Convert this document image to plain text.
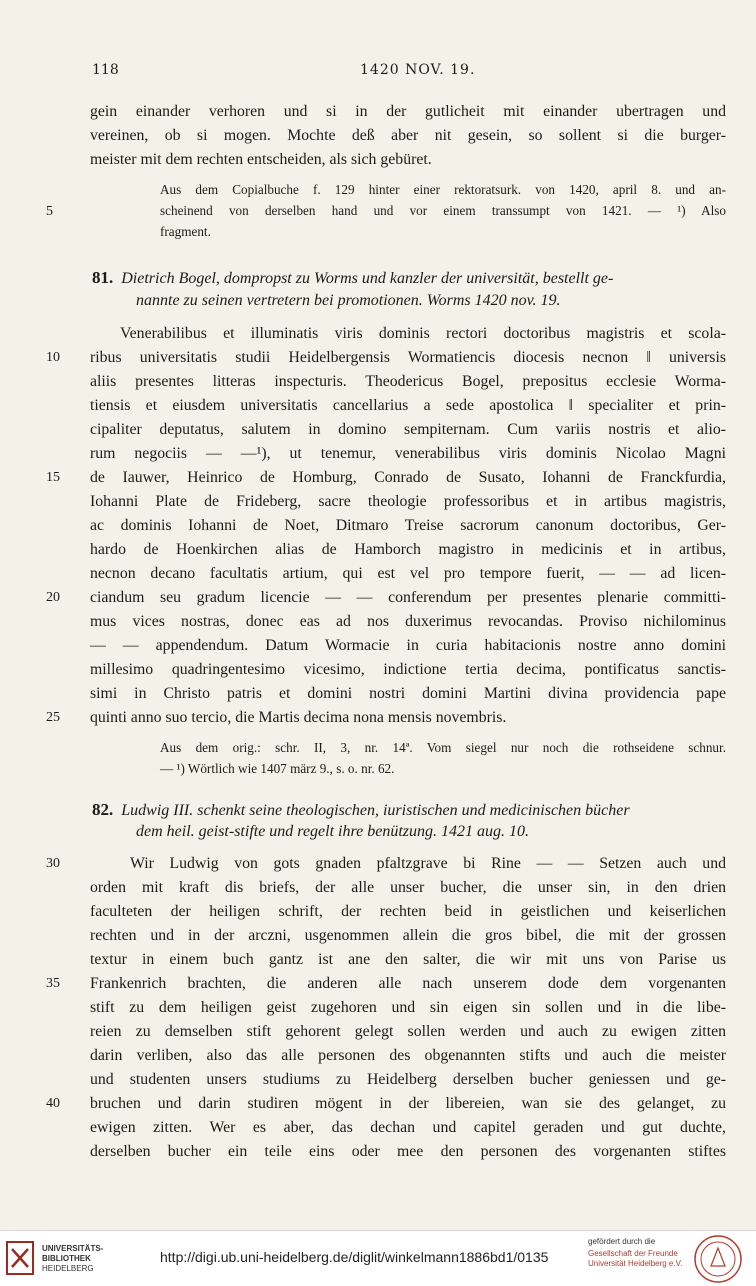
118	1420 NOV. 19.
gein einander verhoren und si in der gutlicheit mit einander ubertragen und
vereinen, ob si mogen. Mochte deß aber nit gesein, so sollent si die burger-
meister mit dem rechten entscheiden, als sich gebüret.
Aus dem Copialbuche f. 129 hinter einer rektoratsurk. von 1420, april 8. und an-
scheinend von derselben hand und vor einem transsumpt von 1421. — ¹) Also
fragment.
81. Dietrich Bogel, dompropst zu Worms und kanzler der universität, bestellt ge-
nannte zu seinen vertretern bei promotionen. Worms 1420 nov. 19.
Venerabilibus et illuminatis viris dominis rectori doctoribus magistris et scola-
ribus universitatis studii Heidelbergensis Wormatiencis diocesis necnon ‖ universis
aliis presentes litteras inspecturis. Theodericus Bogel, prepositus ecclesie Worma-
tiensis et eiusdem universitatis cancellarius a sede apostolica ‖ specialiter et prin-
cipaliter deputatus, salutem in domino sempiternam. Cum variis nostris et alio-
rum negociis — —¹), ut tenemur, venerabilibus viris dominis Nicolao Magni
de Iauwer, Heinrico de Homburg, Conrado de Susato, Iohanni de Franckfurdia,
Iohanni Plate de Frideberg, sacre theologie professoribus et in artibus magistris,
ac dominis Iohanni de Noet, Ditmaro Treise sacrorum canonum doctoribus, Ger-
hardo de Hoenkirchen alias de Hamborch magistro in medicinis et in artibus,
necnon decano facultatis artium, qui est vel pro tempore fuerit, — — ad licen-
ciandum seu gradum licencie — — conferendum per presentes plenarie committi-
mus vices nostras, donec eas ad nos duxerimus revocandas. Proviso nichilominus
— — appendendum. Datum Wormacie in curia habitacionis nostre anno domini
millesimo quadringentesimo vicesimo, indictione tertia decima, pontificatus sanctis-
simi in Christo patris et domini nostri domini Martini divina providencia pape
quinti anno suo tercio, die Martis decima nona mensis novembris.
Aus dem orig.: schr. II, 3, nr. 14ª. Vom siegel nur noch die rothseidene schnur.
— ¹) Wörtlich wie 1407 märz 9., s. o. nr. 62.
82. Ludwig III. schenkt seine theologischen, iuristischen und medicinischen bücher
dem heil. geist-stifte und regelt ihre benützung. 1421 aug. 10.
Wir Ludwig von gots gnaden pfaltzgrave bi Rine — — Setzen auch und
orden mit kraft dis briefs, der alle unser bucher, die unser sin, in den drien
faculteten der heiligen schrift, der rechten beid in geistlichen und keiserlichen
rechten und in der arczni, usgenommen allein die gros bibel, die mit der grossen
textur in einem buch gantz ist ane den salter, die wir mit uns von Parise us
Frankenrich brachten, die anderen alle nach unserem dode dem vorgenanten
stift zu dem heiligen geist zugehoren und sin eigen sin sollen und in die libe-
reien zu demselben stift gehorent gelegt sollen werden und auch zu ewigen zitten
darin verliben, also das alle personen des obgenannten stifts und auch die meister
und studenten unsers studiums zu Heidelberg derselben bucher geniessen und ge-
bruchen und darin studiren mögent in der libereien, wan sie des gelanget, zu
ewigen zitten. Wer es aber, das dechan und capitel geraden und gut duchte,
derselben bucher ein teile eins oder mee den personen des vorgenanten stiftes
5
10
15
20
25
30
35
40
UNIVERSITÄTS-
BIBLIOTHEK
HEIDELBERG
http://digi.ub.uni-heidelberg.de/diglit/winkelmann1886bd1/0135
gefördert durch die
Gesellschaft der Freunde
Universität Heidelberg e.V.
